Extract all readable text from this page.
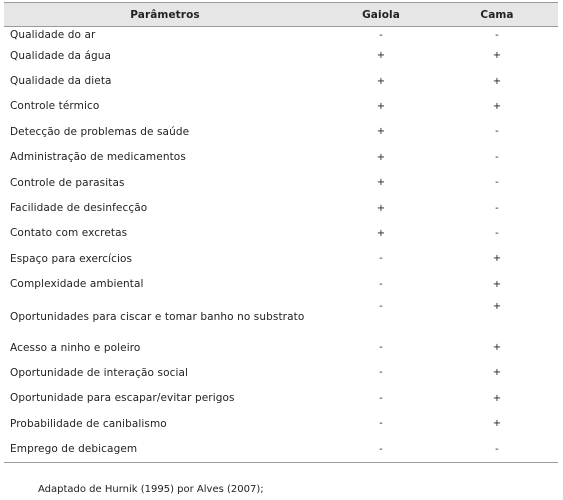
Parâmetros	Gaiola	Cama
Qualidade do ar	-	-
Qualidade da água	+	+
Qualidade da dieta	+	+
Controle térmico	+	+
Detecção de problemas de saúde	+	-
Administração de medicamentos	+	-
Controle de parasitas	+	-
Facilidade de desinfecção	+	-
Contato com excretas	+	-
Espaço para exercícios	-	+
Complexidade ambiental	-	+
Oportunidades para ciscar e tomar banho no substrato	-	+
Acesso a ninho e poleiro	-	+
Oportunidade de interação social	-	+
Oportunidade para escapar/evitar perigos	-	+
Probabilidade de canibalismo	-	+
Emprego de debicagem	-	-
Adaptado de Hurnik (1995) por Alves (2007);
